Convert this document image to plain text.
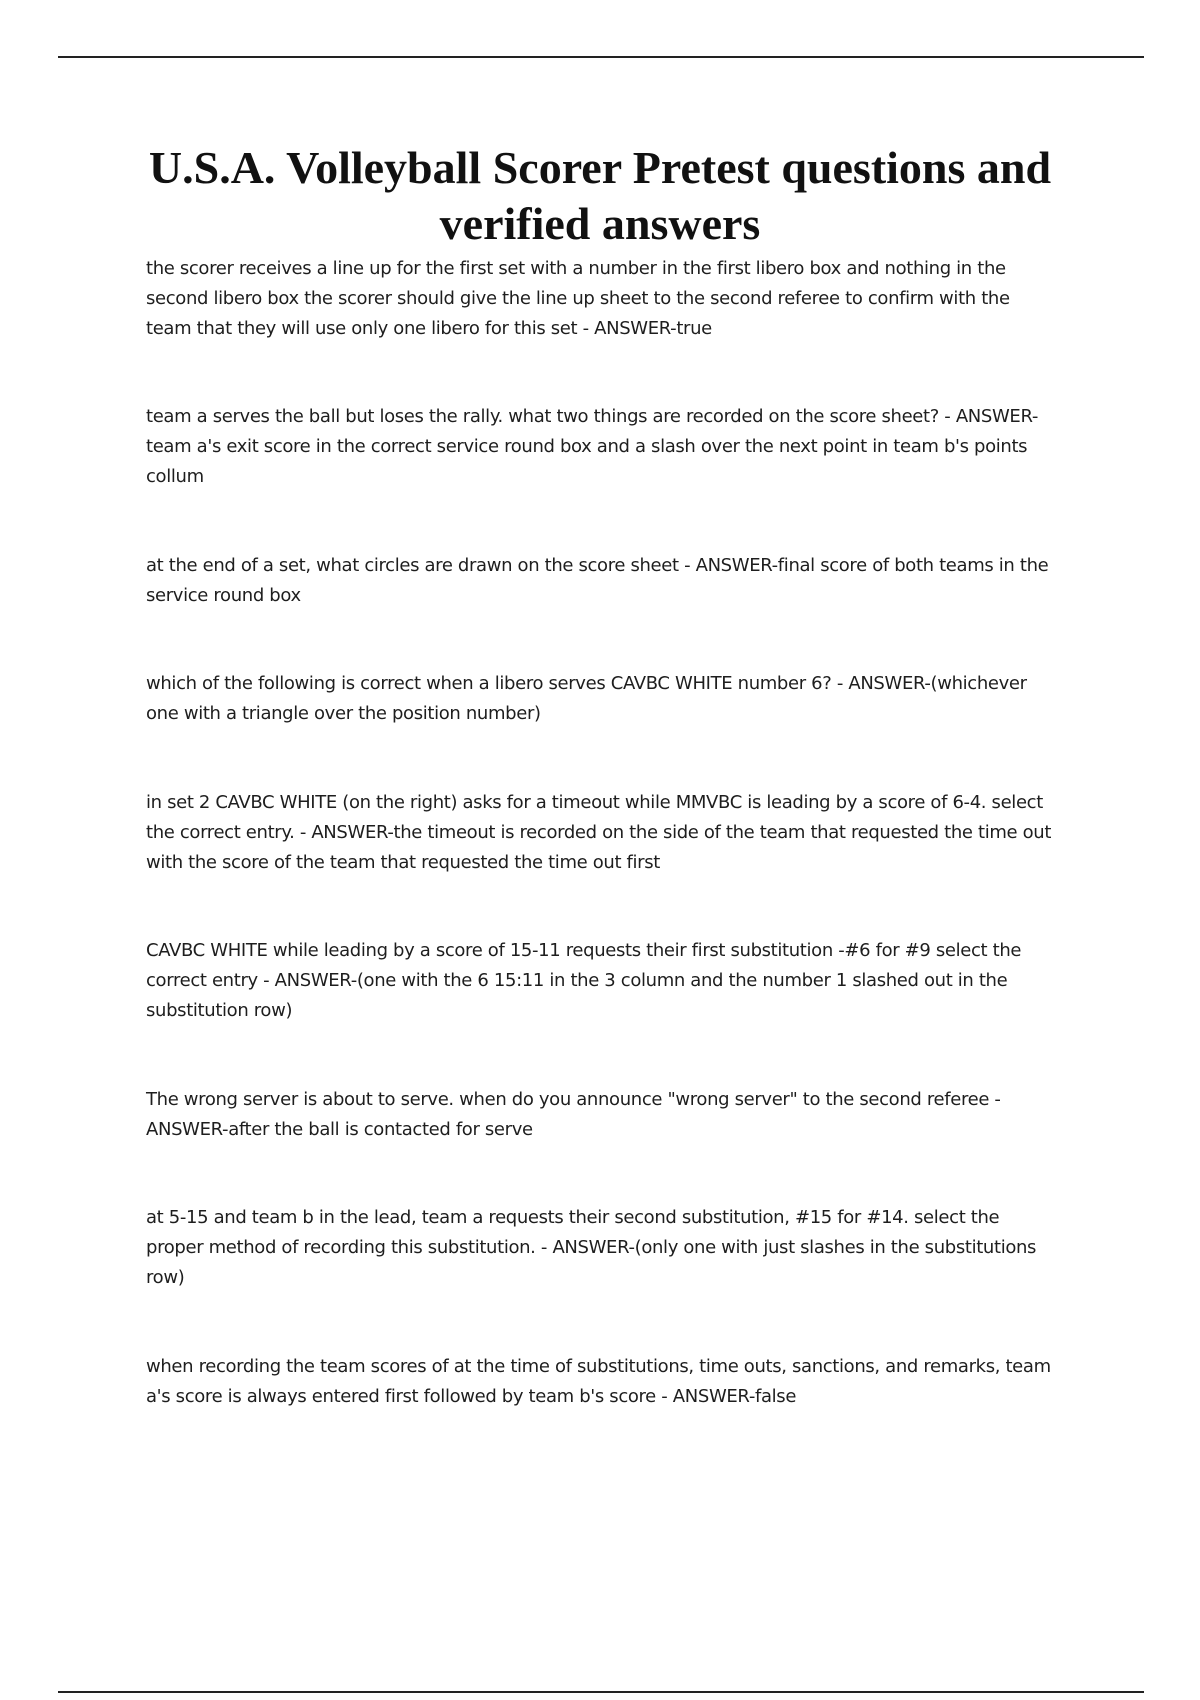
U.S.A. Volleyball Scorer Pretest questions and verified answers
the scorer receives a line up for the first set with a number in the first libero box and nothing in the second libero box the scorer should give the line up sheet to the second referee to confirm with the team that they will use only one libero for this set - ANSWER-true
team a serves the ball but loses the rally. what two things are recorded on the score sheet? - ANSWER-team a's exit score in the correct service round box and a slash over the next point in team b's points collum
at the end of a set, what circles are drawn on the score sheet - ANSWER-final score of both teams in the service round box
which of the following is correct when a libero serves CAVBC WHITE number 6? - ANSWER-(whichever one with a triangle over the position number)
in set 2 CAVBC WHITE (on the right) asks for a timeout while MMVBC is leading by a score of 6-4. select the correct entry. - ANSWER-the timeout is recorded on the side of the team that requested the time out with the score of the team that requested the time out first
CAVBC WHITE while leading by a score of 15-11 requests their first substitution -#6 for #9 select the correct entry - ANSWER-(one with the 6 15:11 in the 3 column and the number 1 slashed out in the substitution row)
The wrong server is about to serve. when do you announce "wrong server" to the second referee - ANSWER-after the ball is contacted for serve
at 5-15 and team b in the lead, team a requests their second substitution, #15 for #14. select the proper method of recording this substitution. - ANSWER-(only one with just slashes in the substitutions row)
when recording the team scores of at the time of substitutions, time outs, sanctions, and remarks, team a's score is always entered first followed by team b's score - ANSWER-false
